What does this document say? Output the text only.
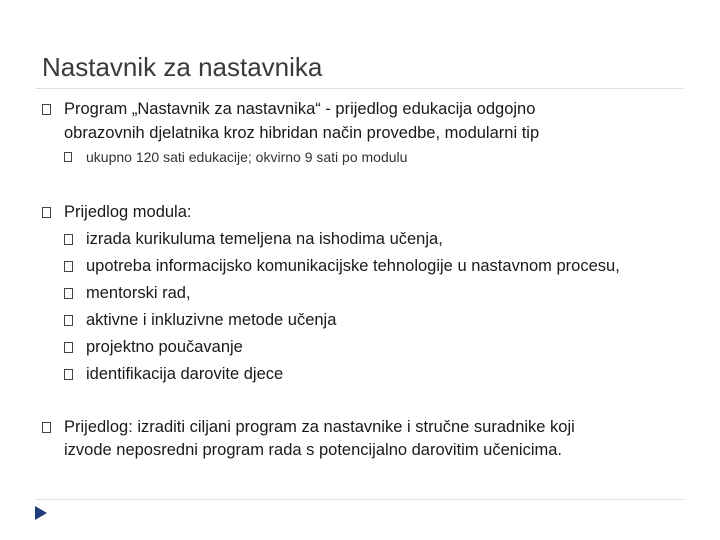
Nastavnik za nastavnika
Program „Nastavnik za nastavnika“ - prijedlog edukacija odgojno
obrazovnih djelatnika kroz hibridan način provedbe, modularni tip
ukupno 120 sati edukacije; okvirno 9 sati po modulu
Prijedlog modula:
izrada kurikuluma temeljena na ishodima učenja,
upotreba informacijsko komunikacijske tehnologije u nastavnom procesu,
mentorski rad,
aktivne i inkluzivne metode učenja
projektno poučavanje
identifikacija darovite djece
Prijedlog: izraditi ciljani program za nastavnike i stručne suradnike koji
izvode neposredni program rada s potencijalno darovitim učenicima.
